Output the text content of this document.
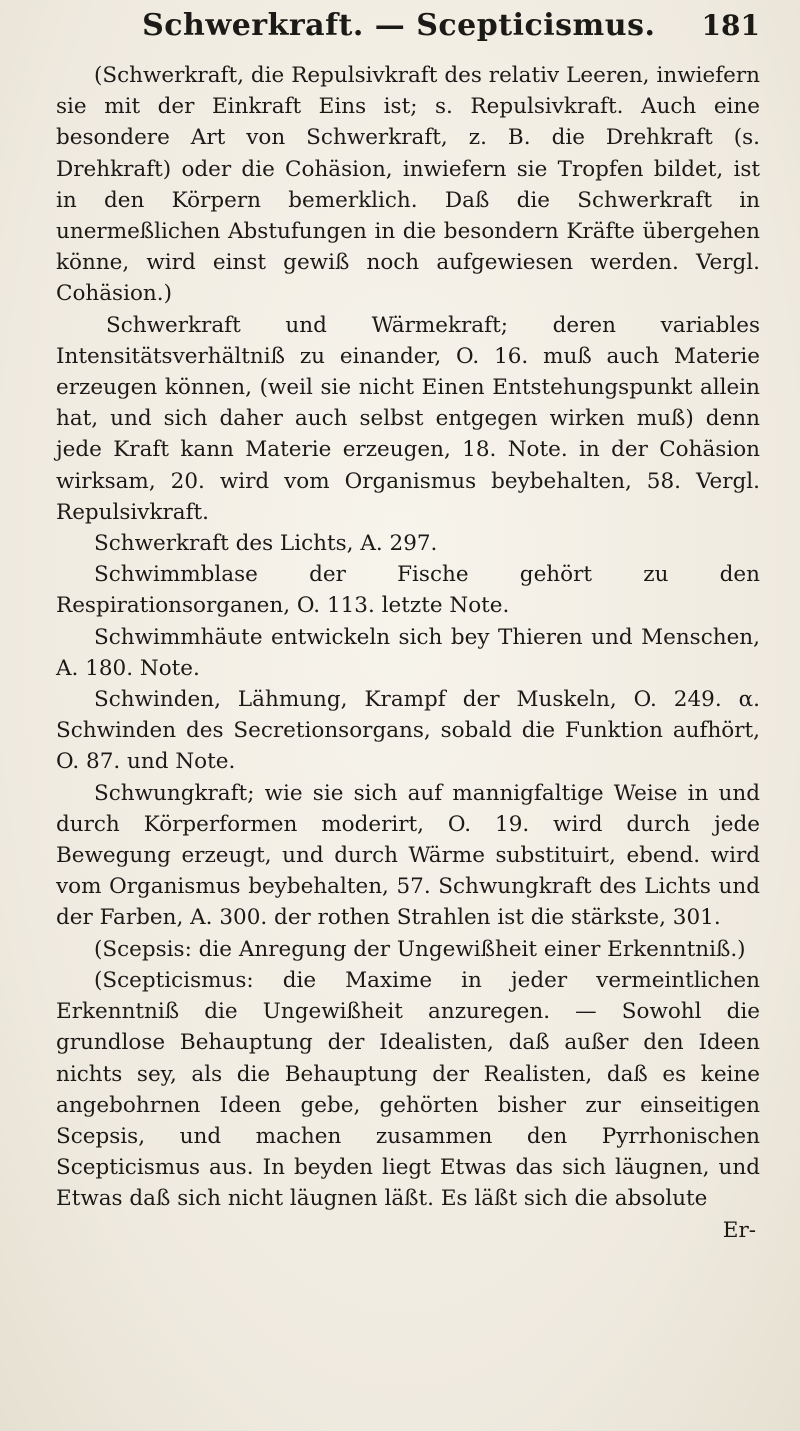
Schwerkraft. — Scepticismus. 181

(Schwerkraft, die Repulsivkraft des relativ Leeren, inwiefern sie mit der Einkraft Eins ist; s. Repulsivkraft. Auch eine besondere Art von Schwerkraft, z. B. die Drehkraft (s. Drehkraft) oder die Cohäsion, inwiefern sie Tropfen bildet, ist in den Körpern bemerklich. Daß die Schwerkraft in unermeßlichen Abstufungen in die besondern Kräfte übergehen könne, wird einst gewiß noch aufgewiesen werden. Vergl. Cohäsion.)

Schwerkraft und Wärmekraft; deren variables Intensitätsverhältniß zu einander, O. 16. muß auch Materie erzeugen können, (weil sie nicht Einen Entstehungspunkt allein hat, und sich daher auch selbst entgegen wirken muß) denn jede Kraft kann Materie erzeugen, 18. Note. in der Cohäsion wirksam, 20. wird vom Organismus beybehalten, 58. Vergl. Repulsivkraft.

Schwerkraft des Lichts, A. 297.

Schwimmblase der Fische gehört zu den Respirationsorganen, O. 113. letzte Note.

Schwimmhäute entwickeln sich bey Thieren und Menschen, A. 180. Note.

Schwinden, Lähmung, Krampf der Muskeln, O. 249. α. Schwinden des Secretionsorgans, sobald die Funktion aufhört, O. 87. und Note.

Schwungkraft; wie sie sich auf mannigfaltige Weise in und durch Körperformen moderirt, O. 19. wird durch jede Bewegung erzeugt, und durch Wärme substituirt, ebend. wird vom Organismus beybehalten, 57. Schwungkraft des Lichts und der Farben, A. 300. der rothen Strahlen ist die stärkste, 301.

(Scepsis: die Anregung der Ungewißheit einer Erkenntniß.)

(Scepticismus: die Maxime in jeder vermeintlichen Erkenntniß die Ungewißheit anzuregen. — Sowohl die grundlose Behauptung der Idealisten, daß außer den Ideen nichts sey, als die Behauptung der Realisten, daß es keine angebohrnen Ideen gebe, gehörten bisher zur einseitigen Scepsis, und machen zusammen den Pyrrhonischen Scepticismus aus. In beyden liegt Etwas das sich läugnen, und Etwas daß sich nicht läugnen läßt. Es läßt sich die absolute

Er-
